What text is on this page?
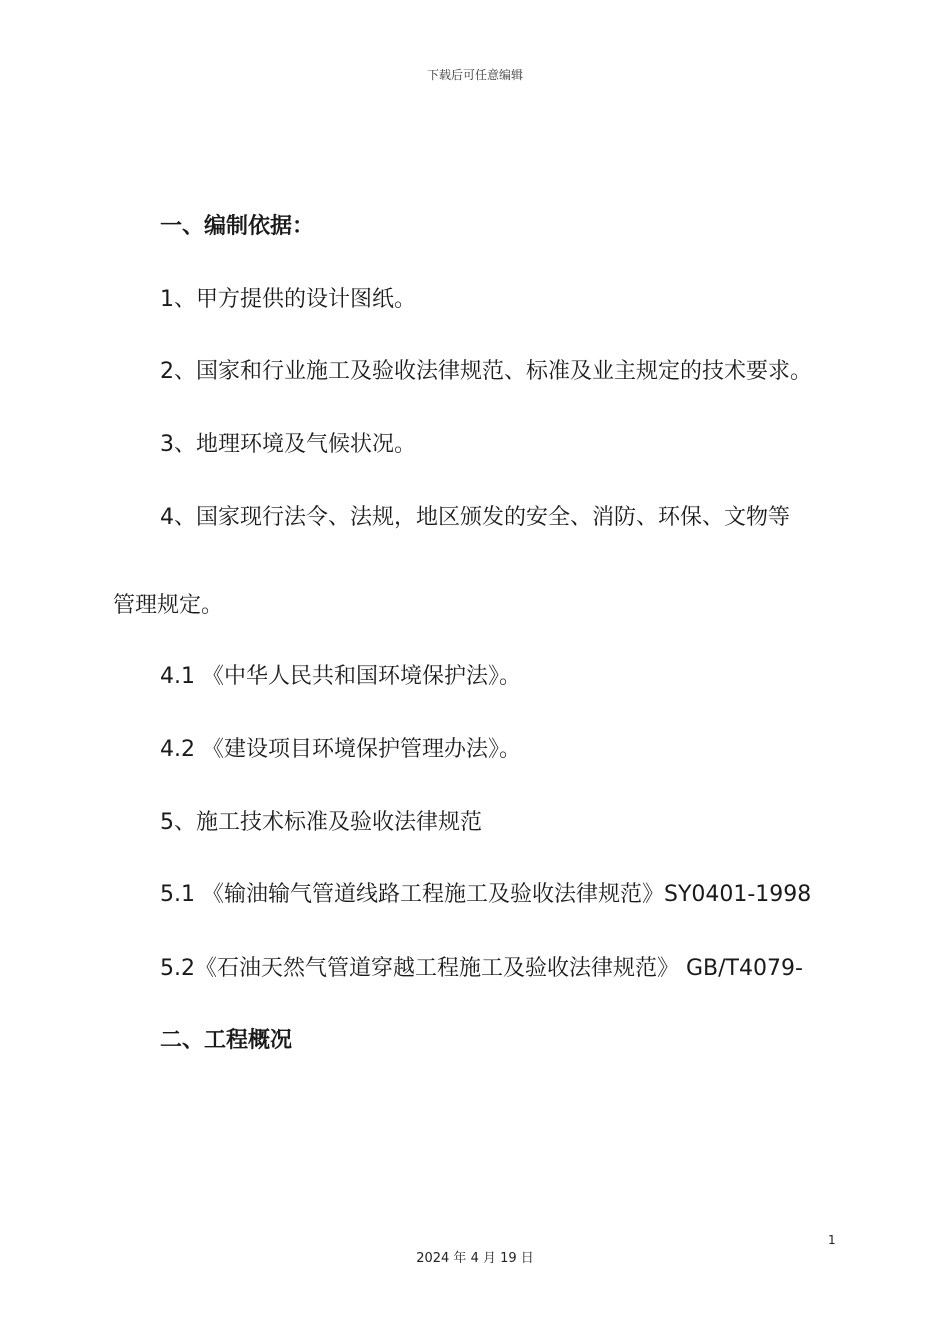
下载后可任意编辑
一、编制依据：
1、甲方提供的设计图纸。
2、国家和行业施工及验收法律规范、标准及业主规定的技术要求。
3、地理环境及气候状况。
4、国家现行法令、法规，地区颁发的安全、消防、环保、文物等
管理规定。
4.1 《中华人民共和国环境保护法》。
4.2 《建设项目环境保护管理办法》。
5、施工技术标准及验收法律规范
5.1 《输油输气管道线路工程施工及验收法律规范》SY0401-1998
5.2《石油天然气管道穿越工程施工及验收法律规范》 GB/T4079-
二、工程概况
1
2024 年 4 月 19 日
